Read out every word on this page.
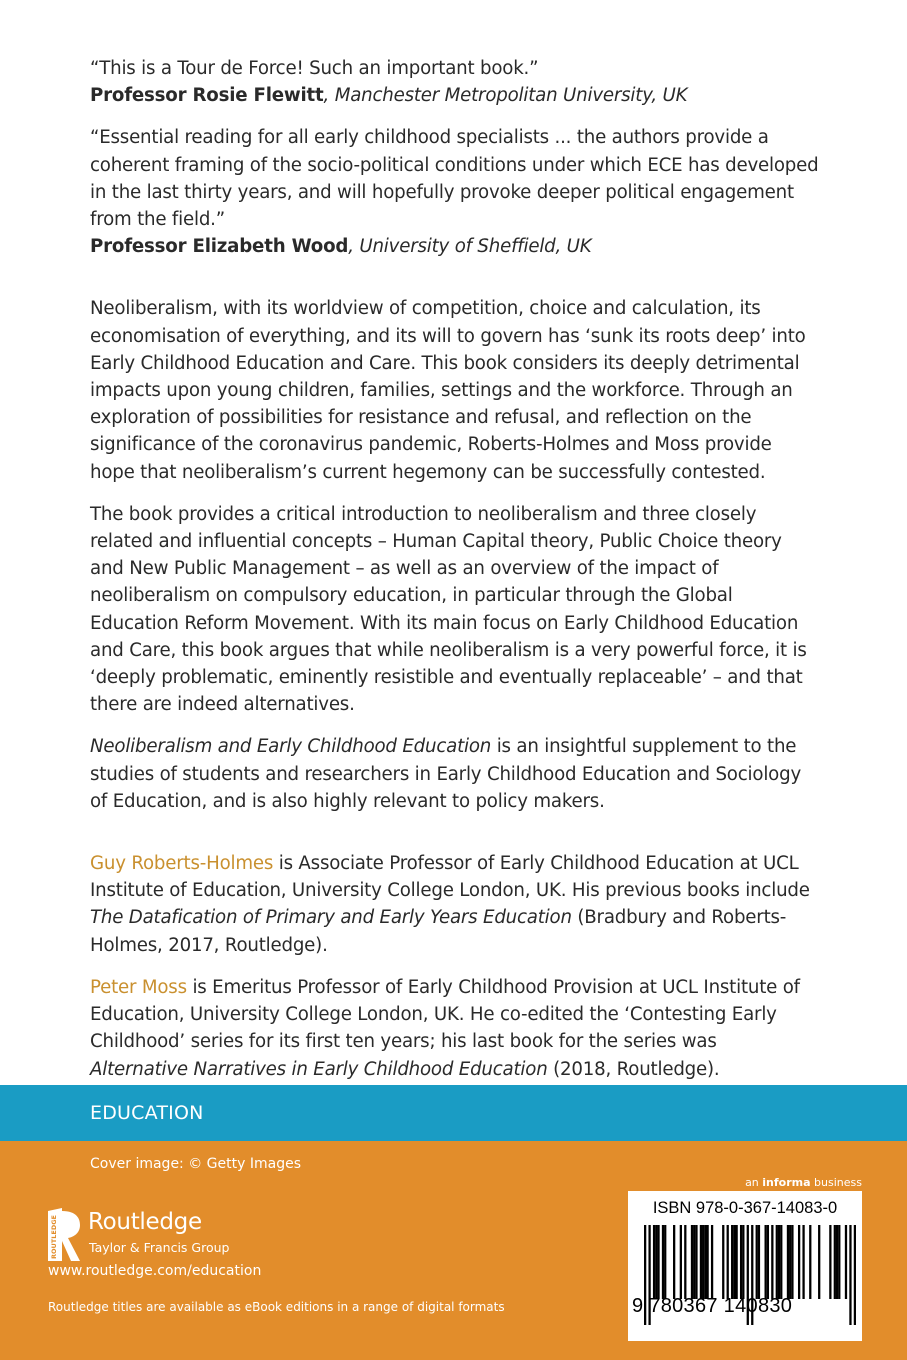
“This is a Tour de Force! Such an important book.”
Professor Rosie Flewitt, Manchester Metropolitan University, UK

“Essential reading for all early childhood specialists ... the authors provide a coherent framing of the socio-political conditions under which ECE has developed in the last thirty years, and will hopefully provoke deeper political engagement from the field.”
Professor Elizabeth Wood, University of Sheffield, UK

Neoliberalism, with its worldview of competition, choice and calculation, its economisation of everything, and its will to govern has ‘sunk its roots deep’ into Early Childhood Education and Care. This book considers its deeply detrimental impacts upon young children, families, settings and the workforce. Through an exploration of possibilities for resistance and refusal, and reflection on the significance of the coronavirus pandemic, Roberts-Holmes and Moss provide hope that neoliberalism’s current hegemony can be successfully contested.

The book provides a critical introduction to neoliberalism and three closely related and influential concepts – Human Capital theory, Public Choice theory and New Public Management – as well as an overview of the impact of neoliberalism on compulsory education, in particular through the Global Education Reform Movement. With its main focus on Early Childhood Education and Care, this book argues that while neoliberalism is a very powerful force, it is ‘deeply problematic, eminently resistible and eventually replaceable’ – and that there are indeed alternatives.

Neoliberalism and Early Childhood Education is an insightful supplement to the studies of students and researchers in Early Childhood Education and Sociology of Education, and is also highly relevant to policy makers.

Guy Roberts-Holmes is Associate Professor of Early Childhood Education at UCL Institute of Education, University College London, UK. His previous books include The Datafication of Primary and Early Years Education (Bradbury and Roberts-Holmes, 2017, Routledge).

Peter Moss is Emeritus Professor of Early Childhood Provision at UCL Institute of Education, University College London, UK. He co-edited the ‘Contesting Early Childhood’ series for its first ten years; his last book for the series was Alternative Narratives in Early Childhood Education (2018, Routledge).

EDUCATION
Cover image: © Getty Images
an informa business
ROUTLEDGE Routledge
Taylor & Francis Group
www.routledge.com/education
Routledge titles are available as eBook editions in a range of digital formats
ISBN 978-0-367-14083-0
9 780367 140830
